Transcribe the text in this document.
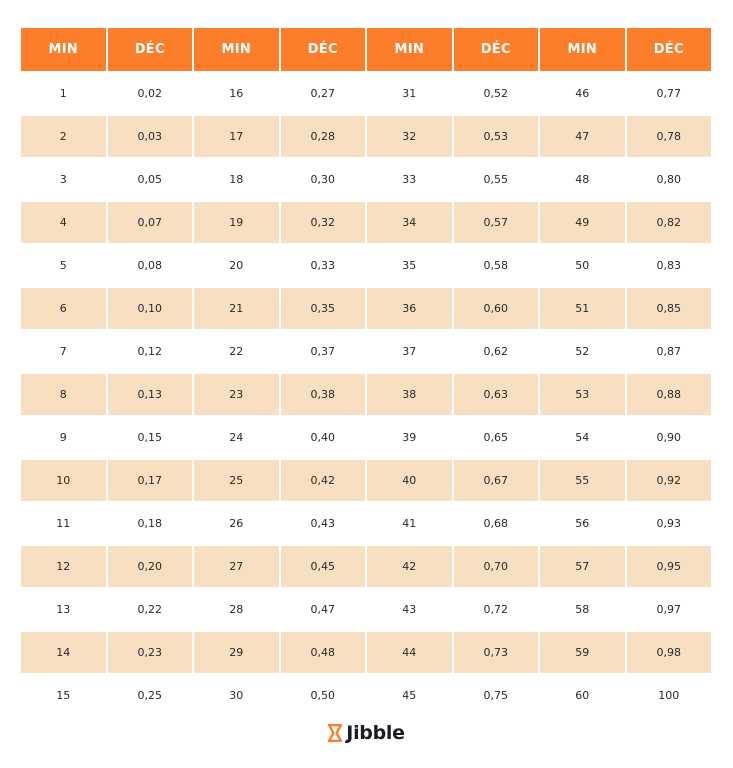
MIN	DÉC	MIN	DÉC	MIN	DÉC	MIN	DÉC
1	0,02	16	0,27	31	0,52	46	0,77
2	0,03	17	0,28	32	0,53	47	0,78
3	0,05	18	0,30	33	0,55	48	0,80
4	0,07	19	0,32	34	0,57	49	0,82
5	0,08	20	0,33	35	0,58	50	0,83
6	0,10	21	0,35	36	0,60	51	0,85
7	0,12	22	0,37	37	0,62	52	0,87
8	0,13	23	0,38	38	0,63	53	0,88
9	0,15	24	0,40	39	0,65	54	0,90
10	0,17	25	0,42	40	0,67	55	0,92
11	0,18	26	0,43	41	0,68	56	0,93
12	0,20	27	0,45	42	0,70	57	0,95
13	0,22	28	0,47	43	0,72	58	0,97
14	0,23	29	0,48	44	0,73	59	0,98
15	0,25	30	0,50	45	0,75	60	100
Jibble
